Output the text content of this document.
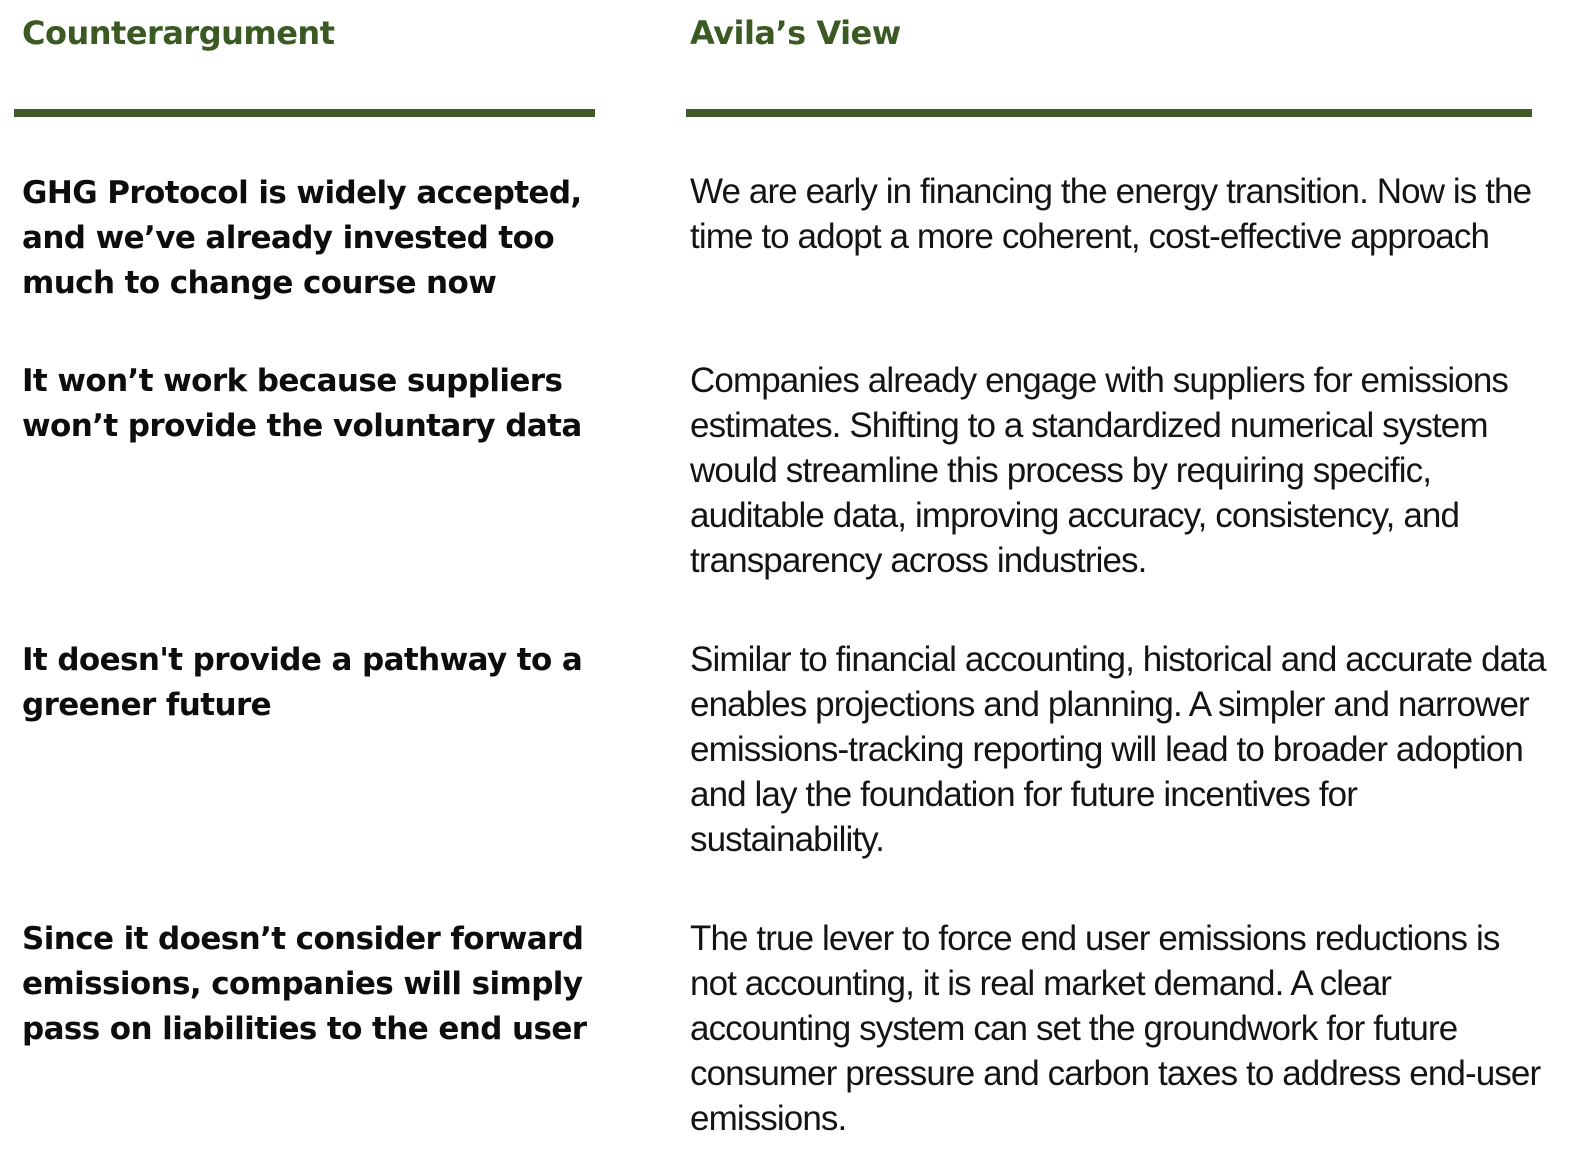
Counterargument	Avila’s View

GHG Protocol is widely accepted, and we’ve already invested too much to change course now

We are early in financing the energy transition. Now is the time to adopt a more coherent, cost-effective approach

It won’t work because suppliers won’t provide the voluntary data

Companies already engage with suppliers for emissions estimates. Shifting to a standardized numerical system would streamline this process by requiring specific, auditable data, improving accuracy, consistency, and transparency across industries.

It doesn't provide a pathway to a greener future

Similar to financial accounting, historical and accurate data enables projections and planning. A simpler and narrower emissions-tracking reporting will lead to broader adoption and lay the foundation for future incentives for sustainability.

Since it doesn’t consider forward emissions, companies will simply pass on liabilities to the end user

The true lever to force end user emissions reductions is not accounting, it is real market demand. A clear accounting system can set the groundwork for future consumer pressure and carbon taxes to address end-user emissions.
